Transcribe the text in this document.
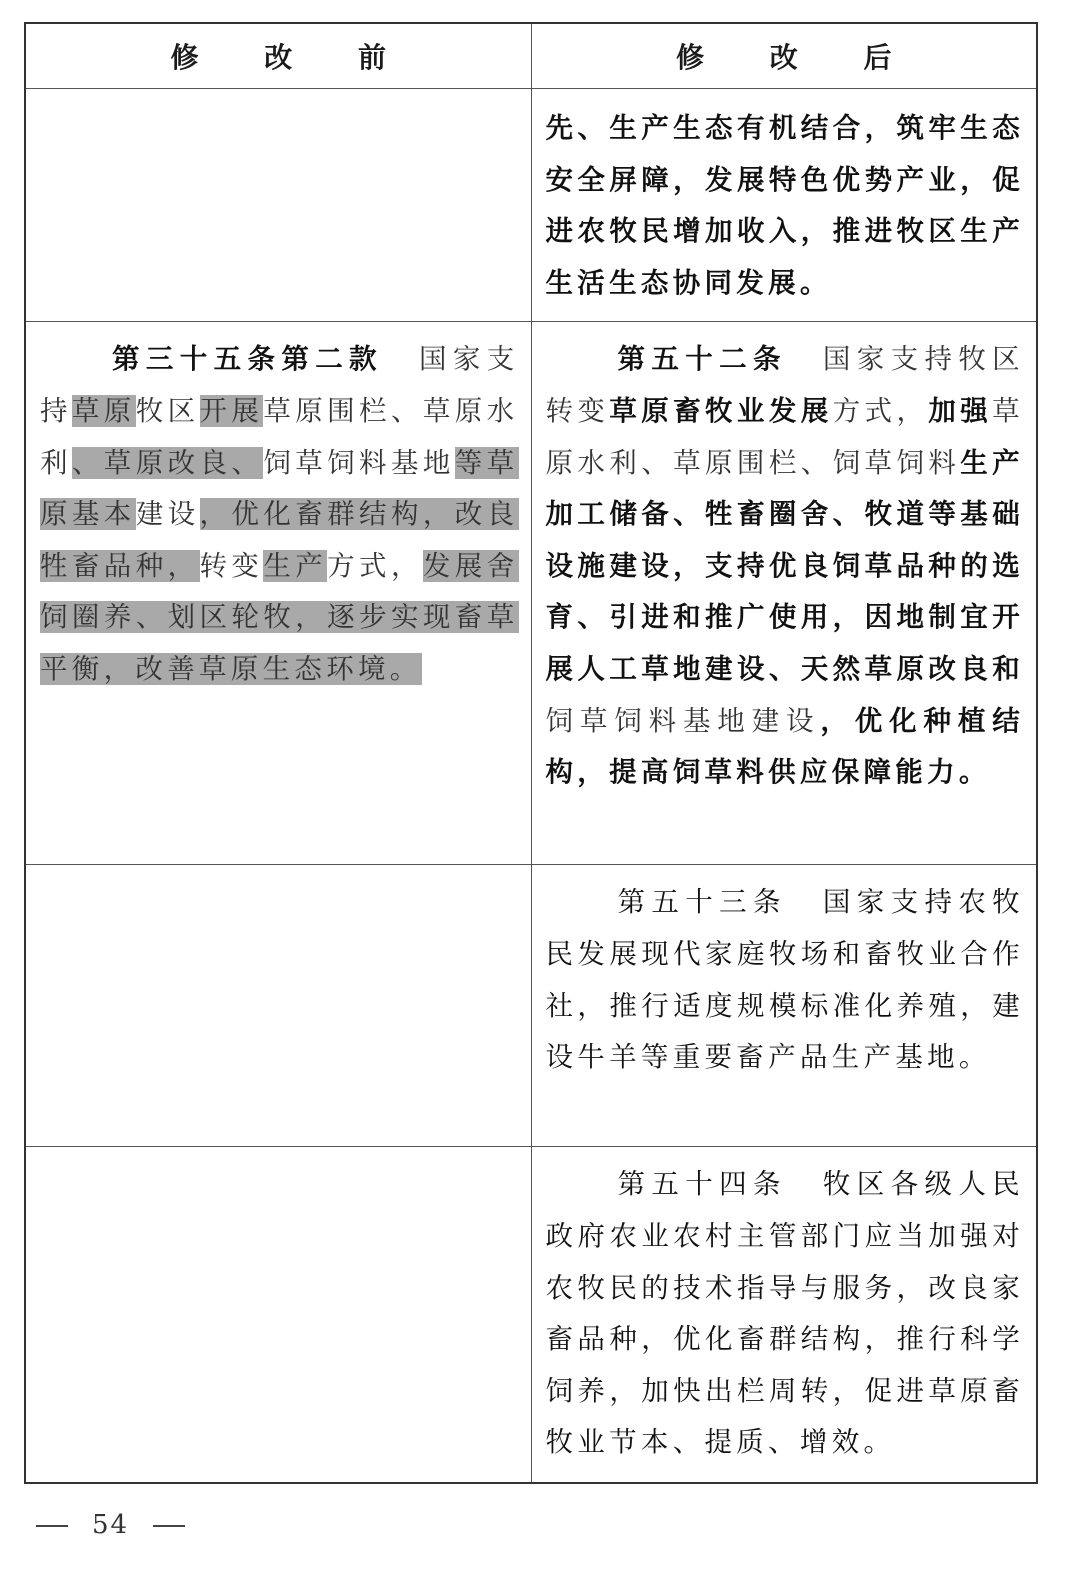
修 改 前	修 改 后

	先、生产生态有机结合，筑牢生态安全屏障，发展特色优势产业，促进农牧民增加收入，推进牧区生产生活生态协同发展。

第三十五条第二款 国家支持草原牧区开展草原围栏、草原水利、草原改良、饲草饲料基地等草原基本建设，优化畜群结构，改良牲畜品种，转变生产方式，发展舍饲圈养、划区轮牧，逐步实现畜草平衡，改善草原生态环境。	第五十二条 国家支持牧区转变草原畜牧业发展方式，加强草原水利、草原围栏、饲草饲料生产加工储备、牲畜圈舍、牧道等基础设施建设，支持优良饲草品种的选育、引进和推广使用，因地制宜开展人工草地建设、天然草原改良和饲草饲料基地建设，优化种植结构，提高饲草料供应保障能力。

	第五十三条 国家支持农牧民发展现代家庭牧场和畜牧业合作社，推行适度规模标准化养殖，建设牛羊等重要畜产品生产基地。

	第五十四条 牧区各级人民政府农业农村主管部门应当加强对农牧民的技术指导与服务，改良家畜品种，优化畜群结构，推行科学饲养，加快出栏周转，促进草原畜牧业节本、提质、增效。
54
